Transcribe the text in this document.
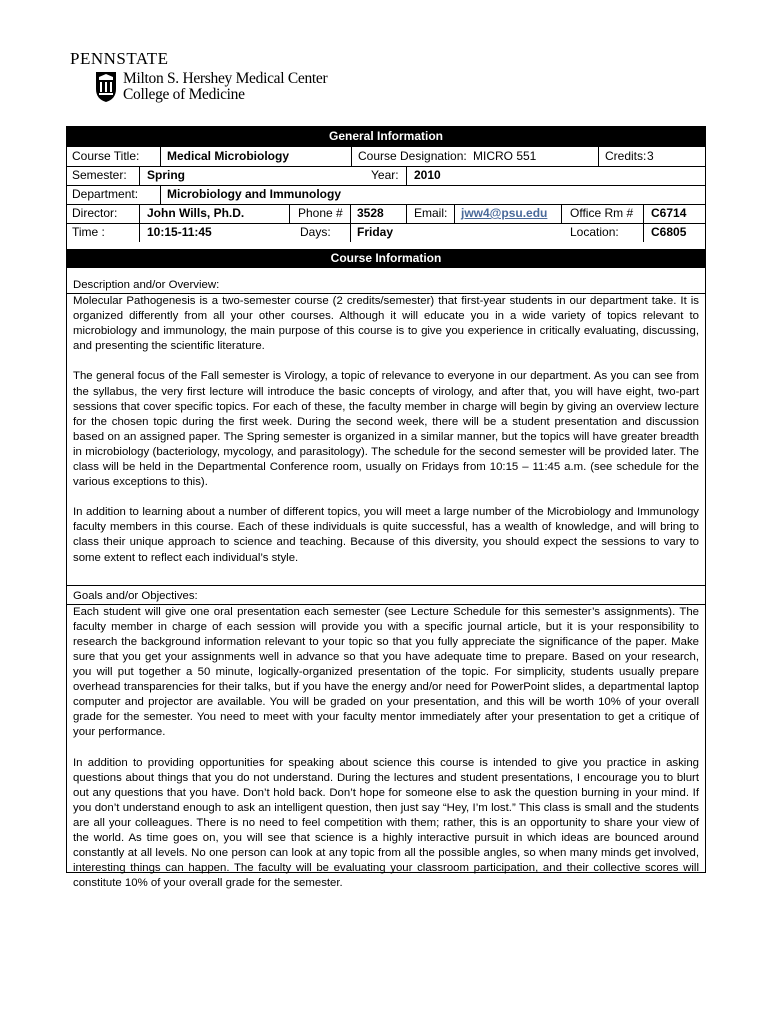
PENNSTATE
Milton S. Hershey Medical Center
College of Medicine
General Information
Course Title: Medical Microbiology	Course Designation: MICRO 551	Credits: 3
Semester: Spring	Year: 2010
Department: Microbiology and Immunology
Director: John Wills, Ph.D.	Phone # 3528	Email: jww4@psu.edu Office Rm # C6714
Time :	10:15-11:45	Days: Friday	Location:	C6805
Course Information
Description and/or Overview:

Molecular Pathogenesis is a two-semester course (2 credits/semester) that first-year students in our department take. It is organized differently from all your other courses. Although it will educate you in a wide variety of topics relevant to microbiology and immunology, the main purpose of this course is to give you experience in critically evaluating, discussing, and presenting the scientific literature.

The general focus of the Fall semester is Virology, a topic of relevance to everyone in our department. As you can see from the syllabus, the very first lecture will introduce the basic concepts of virology, and after that, you will have eight, two-part sessions that cover specific topics. For each of these, the faculty member in charge will begin by giving an overview lecture for the chosen topic during the first week. During the second week, there will be a student presentation and discussion based on an assigned paper. The Spring semester is organized in a similar manner, but the topics will have greater breadth in microbiology (bacteriology, mycology, and parasitology). The schedule for the second semester will be provided later. The class will be held in the Departmental Conference room, usually on Fridays from 10:15 – 11:45 a.m. (see schedule for the various exceptions to this).

In addition to learning about a number of different topics, you will meet a large number of the Microbiology and Immunology faculty members in this course. Each of these individuals is quite successful, has a wealth of knowledge, and will bring to class their unique approach to science and teaching. Because of this diversity, you should expect the sessions to vary to some extent to reflect each individual’s style.

Goals and/or Objectives:

Each student will give one oral presentation each semester (see Lecture Schedule for this semester’s assignments). The faculty member in charge of each session will provide you with a specific journal article, but it is your responsibility to research the background information relevant to your topic so that you fully appreciate the significance of the paper. Make sure that you get your assignments well in advance so that you have adequate time to prepare. Based on your research, you will put together a 50 minute, logically-organized presentation of the topic. For simplicity, students usually prepare overhead transparencies for their talks, but if you have the energy and/or need for PowerPoint slides, a departmental laptop computer and projector are available. You will be graded on your presentation, and this will be worth 10% of your overall grade for the semester. You need to meet with your faculty mentor immediately after your presentation to get a critique of your performance.

In addition to providing opportunities for speaking about science this course is intended to give you practice in asking questions about things that you do not understand. During the lectures and student presentations, I encourage you to blurt out any questions that you have. Don’t hold back. Don’t hope for someone else to ask the question burning in your mind. If you don’t understand enough to ask an intelligent question, then just say “Hey, I’m lost.” This class is small and the students are all your colleagues. There is no need to feel competition with them; rather, this is an opportunity to share your view of the world. As time goes on, you will see that science is a highly interactive pursuit in which ideas are bounced around constantly at all levels. No one person can look at any topic from all the possible angles, so when many minds get involved, interesting things can happen. The faculty will be evaluating your classroom participation, and their collective scores will constitute 10% of your overall grade for the semester.
